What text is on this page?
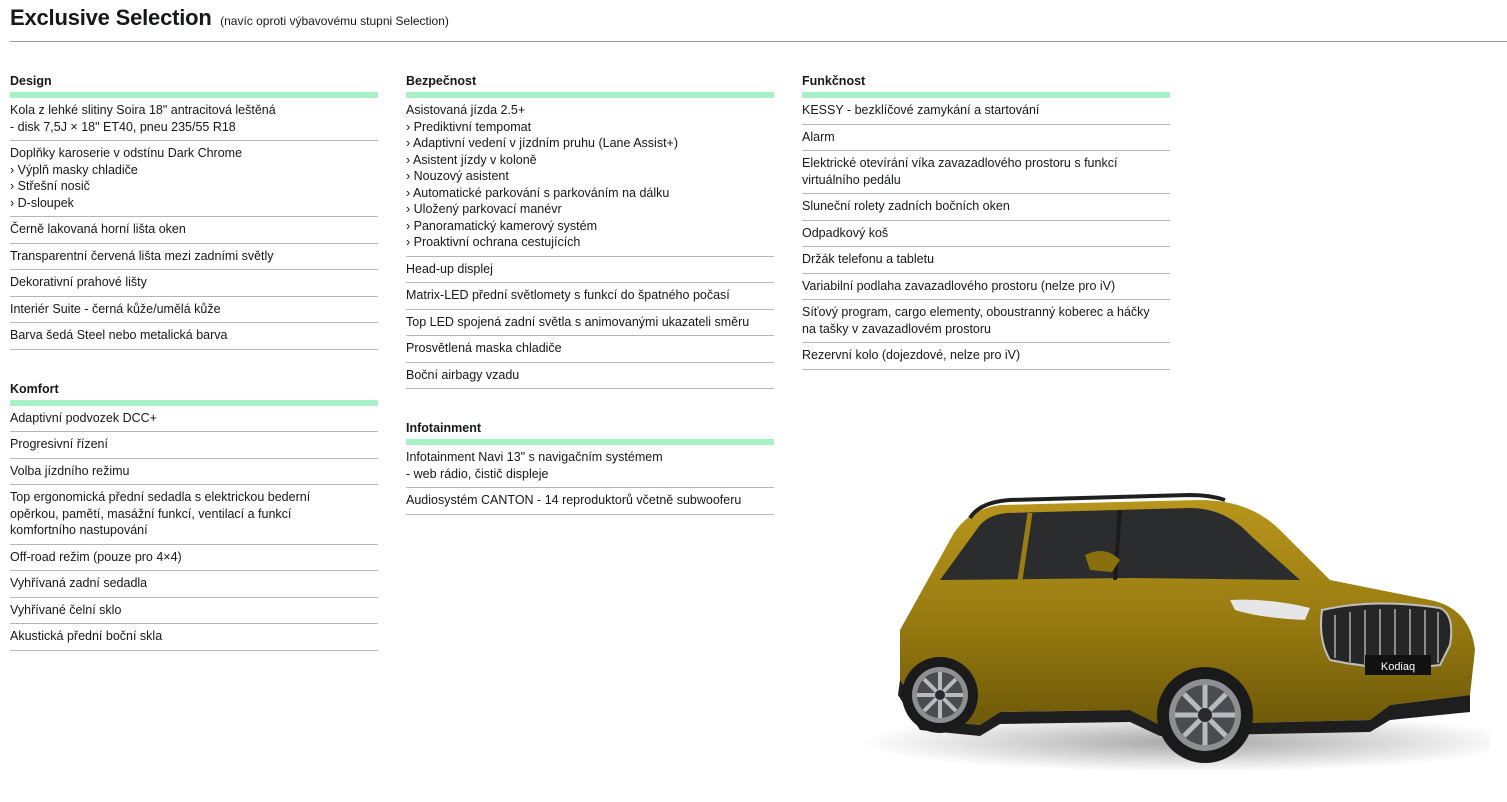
Exclusive Selection (navíc oproti výbavovému stupni Selection)
Design
Kola z lehké slitiny Soira 18" antracitová leštěná
- disk 7,5J × 18" ET40, pneu 235/55 R18
Doplňky karoserie v odstínu Dark Chrome
› Výplň masky chladiče
› Střešní nosič
› D-sloupek
Černě lakovaná horní lišta oken
Transparentní červená lišta mezi zadními světly
Dekorativní prahové lišty
Interiér Suite - černá kůže/umělá kůže
Barva šedá Steel nebo metalická barva
Komfort
Adaptivní podvozek DCC+
Progresivní řízení
Volba jízdního režimu
Top ergonomická přední sedadla s elektrickou bederní
opěrkou, pamětí, masážní funkcí, ventilací a funkcí
komfortního nastupování
Off-road režim (pouze pro 4×4)
Vyhřívaná zadní sedadla
Vyhřívané čelní sklo
Akustická přední boční skla
Bezpečnost
Asistovaná jízda 2.5+
› Prediktivní tempomat
› Adaptivní vedení v jízdním pruhu (Lane Assist+)
› Asistent jízdy v koloně
› Nouzový asistent
› Automatické parkování s parkováním na dálku
› Uložený parkovací manévr
› Panoramatický kamerový systém
› Proaktivní ochrana cestujících
Head-up displej
Matrix-LED přední světlomety s funkcí do špatného počasí
Top LED spojená zadní světla s animovanými ukazateli směru
Prosvětlená maska chladiče
Boční airbagy vzadu
Infotainment
Infotainment Navi 13" s navigačním systémem
- web rádio, čistič displeje
Audiosystém CANTON - 14 reproduktorů včetně subwooferu
Funkčnost
KESSY - bezklíčové zamykání a startování
Alarm
Elektrické otevírání víka zavazadlového prostoru s funkcí
virtuálního pedálu
Sluneční rolety zadních bočních oken
Odpadkový koš
Držák telefonu a tabletu
Variabilní podlaha zavazadlového prostoru (nelze pro iV)
Síťový program, cargo elementy, oboustranný koberec a háčky
na tašky v zavazadlovém prostoru
Rezervní kolo (dojezdové, nelze pro iV)
Kodiaq
